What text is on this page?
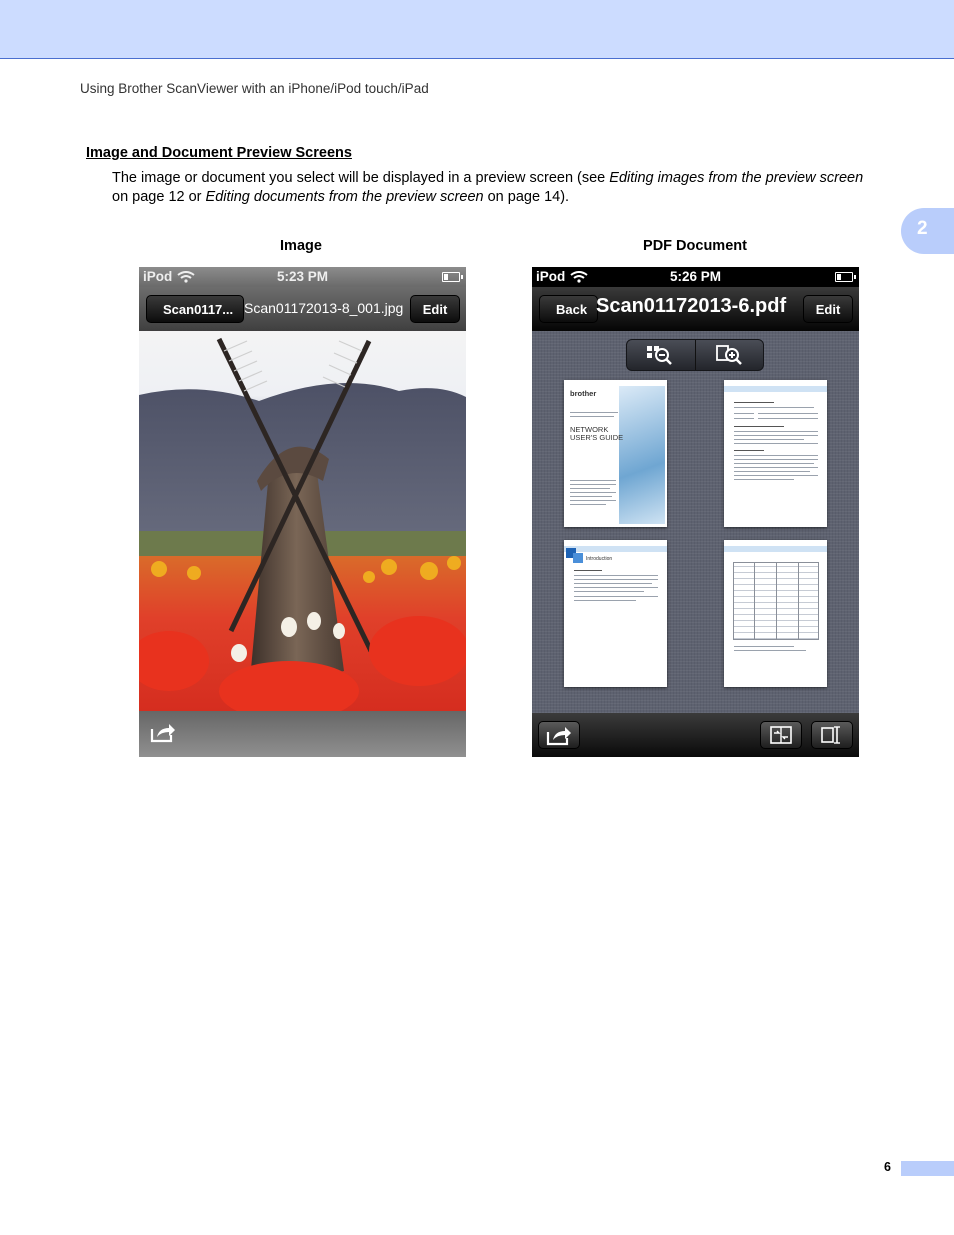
Using Brother ScanViewer with an iPhone/iPod touch/iPad
Image and Document Preview Screens
The image or document you select will be displayed in a preview screen (see Editing images from the preview screen on page 12 or Editing documents from the preview screen on page 14).
2
Image	PDF Document
iPod	5:23 PM
Scan0117... Scan01172013-8_001.jpg	Edit
iPod	5:26 PM
Back Scan01172013-6.pdf	Edit
brother
NETWORK
USER'S GUIDE
Introduction
6
